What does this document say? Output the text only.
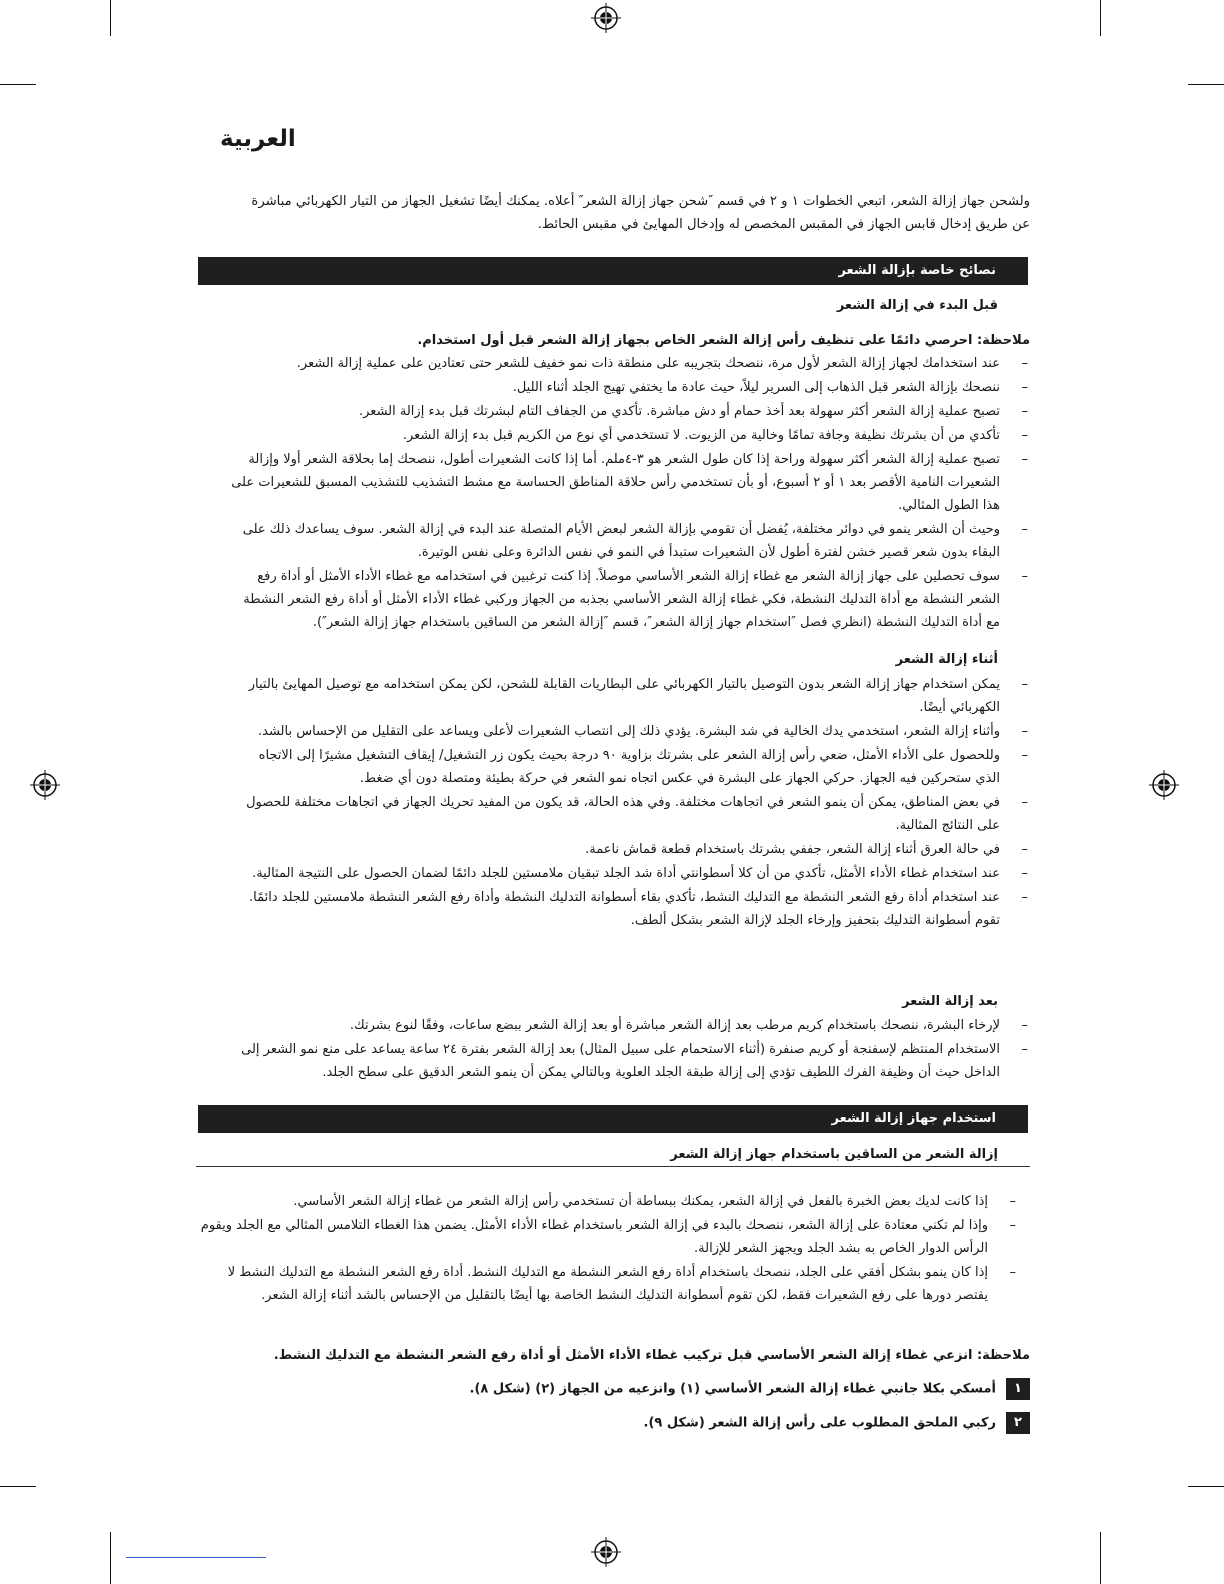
العربية

ولشحن جهاز إزالة الشعر، اتبعي الخطوات ١ و ٢ في قسم ″شحن جهاز إزالة الشعر″ أعلاه. يمكنك أيضًا تشغيل الجهاز من التيار الكهربائي مباشرة عن طريق إدخال قابس الجهاز في المقبس المخصص له وإدخال المهايئ في مقبس الحائط.

نصائح خاصة بإزالة الشعر
قبل البدء في إزالة الشعر

ملاحظة: احرصي دائمًا على تنظيف رأس إزالة الشعر الخاص بجهاز إزالة الشعر قبل أول استخدام.

–
عند استخدامك لجهاز إزالة الشعر لأول مرة، ننصحك بتجريبه على منطقة ذات نمو خفيف للشعر حتى تعتادين على عملية إزالة الشعر.
–
ننصحك بإزالة الشعر قبل الذهاب إلى السرير ليلاً، حيث عادة ما يختفي تهيج الجلد أثناء الليل.
–
تصبح عملية إزالة الشعر أكثر سهولة بعد أخذ حمام أو دش مباشرة. تأكدي من الجفاف التام لبشرتك قبل بدء إزالة الشعر.
–
تأكدي من أن بشرتك نظيفة وجافة تمامًا وخالية من الزيوت. لا تستخدمي أي نوع من الكريم قبل بدء إزالة الشعر.
–
تصبح عملية إزالة الشعر أكثر سهولة وراحة إذا كان طول الشعر هو ٣-٤ملم. أما إذا كانت الشعيرات أطول، ننصحك إما بحلاقة الشعر أولا وإزالة الشعيرات النامية الأقصر بعد ١ أو ٢ أسبوع، أو بأن تستخدمي رأس حلاقة المناطق الحساسة مع مشط التشذيب للتشذيب المسبق للشعيرات على هذا الطول المثالي.
–
وحيث أن الشعر ينمو في دوائر مختلفة، يُفضل أن تقومي بإزالة الشعر لبعض الأيام المتصلة عند البدء في إزالة الشعر. سوف يساعدك ذلك على البقاء بدون شعر قصير خشن لفترة أطول لأن الشعيرات ستبدأ في النمو في نفس الدائرة وعلى نفس الوتيرة.
–
سوف تحصلين على جهاز إزالة الشعر مع غطاء إزالة الشعر الأساسي موصلاً. إذا كنت ترغبين في استخدامه مع غطاء الأداء الأمثل أو أداة رفع الشعر النشطة مع أداة التدليك النشطة، فكي غطاء إزالة الشعر الأساسي بجذبه من الجهاز وركبي غطاء الأداء الأمثل أو أداة رفع الشعر النشطة مع أداة التدليك النشطة (انظري فصل ″استخدام جهاز إزالة الشعر″، قسم ″إزالة الشعر من الساقين باستخدام جهاز إزالة الشعر″).
أثناء إزالة الشعر
–
يمكن استخدام جهاز إزالة الشعر بدون التوصيل بالتيار الكهربائي على البطاريات القابلة للشحن، لكن يمكن استخدامه مع توصيل المهايئ بالتيار الكهربائي أيضًا.
–
وأثناء إزالة الشعر، استخدمي يدك الخالية في شد البشرة. يؤدي ذلك إلى انتصاب الشعيرات لأعلى ويساعد على التقليل من الإحساس بالشد.
–
وللحصول على الأداء الأمثل، ضعي رأس إزالة الشعر على بشرتك بزاوية ٩٠ درجة بحيث يكون زر التشغيل/ إيقاف التشغيل مشيرًا إلى الاتجاه الذي ستحركين فيه الجهاز. حركي الجهاز على البشرة في عكس اتجاه نمو الشعر في حركة بطيئة ومتصلة دون أي ضغط.
–
في بعض المناطق، يمكن أن ينمو الشعر في اتجاهات مختلفة. وفي هذه الحالة، قد يكون من المفيد تحريك الجهاز في اتجاهات مختلفة للحصول على النتائج المثالية.
–
في حالة العرق أثناء إزالة الشعر، جففي بشرتك باستخدام قطعة قماش ناعمة.
–
عند استخدام غطاء الأداء الأمثل، تأكدي من أن كلا أسطوانتي أداة شد الجلد تبقيان ملامستين للجلد دائمًا لضمان الحصول على النتيجة المثالية.
–
عند استخدام أداة رفع الشعر النشطة مع التدليك النشط، تأكدي بقاء أسطوانة التدليك النشطة وأداة رفع الشعر النشطة ملامستين للجلد دائمًا. تقوم أسطوانة التدليك بتحفيز وإرخاء الجلد لإزالة الشعر بشكل ألطف.
بعد إزالة الشعر
–
لإرخاء البشرة، ننصحك باستخدام كريم مرطب بعد إزالة الشعر مباشرة أو بعد إزالة الشعر ببضع ساعات، وفقًا لنوع بشرتك.
–
الاستخدام المنتظم لإسفنجة أو كريم صنفرة (أثناء الاستحمام على سبيل المثال) بعد إزالة الشعر بفترة ٢٤ ساعة يساعد على منع نمو الشعر إلى الداخل حيث أن وظيفة الفرك اللطيف تؤدي إلى إزالة طبقة الجلد العلوية وبالتالي يمكن أن ينمو الشعر الدقيق على سطح الجلد.
استخدام جهاز إزالة الشعر
إزالة الشعر من الساقين باستخدام جهاز إزالة الشعر
–
إذا كانت لديك بعض الخبرة بالفعل في إزالة الشعر، يمكنك ببساطة أن تستخدمي رأس إزالة الشعر من غطاء إزالة الشعر الأساسي.
–
وإذا لم تكني معتادة على إزالة الشعر، ننصحك بالبدء في إزالة الشعر باستخدام غطاء الأداء الأمثل. يضمن هذا الغطاء التلامس المثالي مع الجلد ويقوم الرأس الدوار الخاص به بشد الجلد ويجهز الشعر للإزالة.
–
إذا كان ينمو بشكل أفقي على الجلد، ننصحك باستخدام أداة رفع الشعر النشطة مع التدليك النشط. أداة رفع الشعر النشطة مع التدليك النشط لا يقتصر دورها على رفع الشعيرات فقط، لكن تقوم أسطوانة التدليك النشط الخاصة بها أيضًا بالتقليل من الإحساس بالشد أثناء إزالة الشعر.

ملاحظة: انزعي غطاء إزالة الشعر الأساسي قبل تركيب غطاء الأداء الأمثل أو أداة رفع الشعر النشطة مع التدليك النشط.

١أمسكي بكلا جانبي غطاء إزالة الشعر الأساسي (١) وانزعيه من الجهاز (٢) (شكل ٨).
٢ركبي الملحق المطلوب على رأس إزالة الشعر (شكل ٩).
